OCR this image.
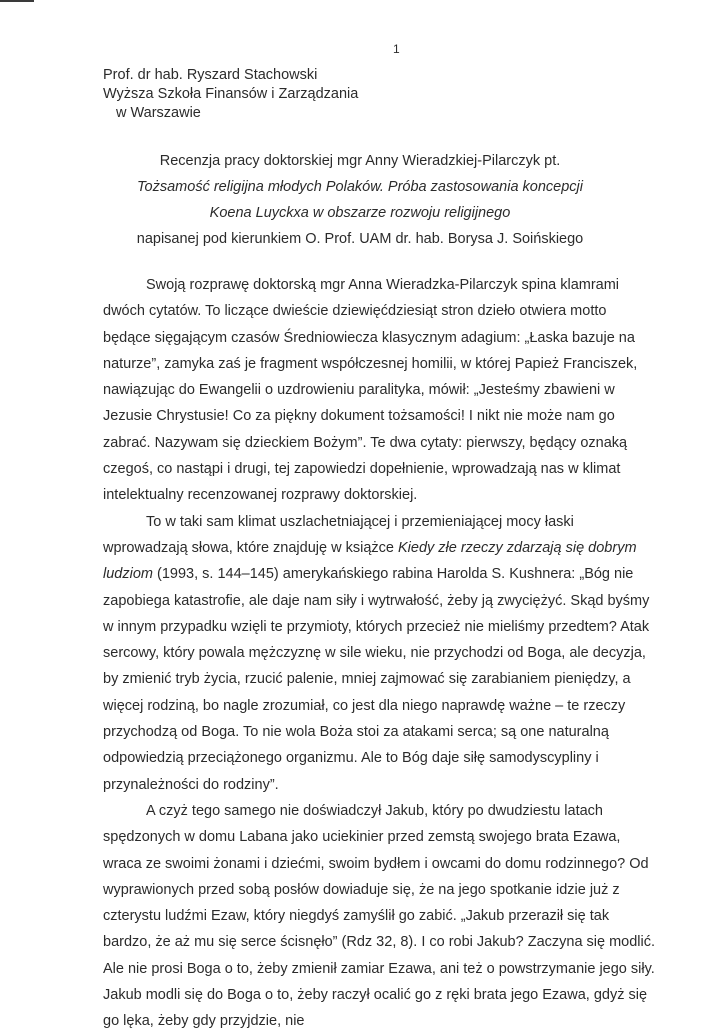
1
Prof. dr hab. Ryszard Stachowski
Wyższa Szkoła Finansów i Zarządzania
w Warszawie
Recenzja pracy doktorskiej mgr Anny Wieradzkiej-Pilarczyk pt.
Tożsamość religijna młodych Polaków. Próba zastosowania koncepcji
Koena Luyckxa w obszarze rozwoju religijnego
napisanej pod kierunkiem O. Prof. UAM dr. hab. Borysa J. Soińskiego

Swoją rozprawę doktorską mgr Anna Wieradzka-Pilarczyk spina klamrami dwóch cytatów. To liczące dwieście dziewięćdziesiąt stron dzieło otwiera motto będące sięgającym czasów Średniowiecza klasycznym adagium: „Łaska bazuje na naturze”, zamyka zaś je fragment współczesnej homilii, w której Papież Franciszek, nawiązując do Ewangelii o uzdrowieniu paralityka, mówił: „Jesteśmy zbawieni w Jezusie Chrystusie! Co za piękny dokument tożsamości! I nikt nie może nam go zabrać. Nazywam się dzieckiem Bożym”. Te dwa cytaty: pierwszy, będący oznaką czegoś, co nastąpi i drugi, tej zapowiedzi dopełnienie, wprowadzają nas w klimat intelektualny recenzowanej rozprawy doktorskiej.

To w taki sam klimat uszlachetniającej i przemieniającej mocy łaski wprowadzają słowa, które znajduję w książce Kiedy złe rzeczy zdarzają się dobrym ludziom (1993, s. 144–145) amerykańskiego rabina Harolda S. Kushnera: „Bóg nie zapobiega katastrofie, ale daje nam siły i wytrwałość, żeby ją zwyciężyć. Skąd byśmy w innym przypadku wzięli te przymioty, których przecież nie mieliśmy przedtem? Atak sercowy, który powala mężczyznę w sile wieku, nie przychodzi od Boga, ale decyzja, by zmienić tryb życia, rzucić palenie, mniej zajmować się zarabianiem pieniędzy, a więcej rodziną, bo nagle zrozumiał, co jest dla niego naprawdę ważne – te rzeczy przychodzą od Boga. To nie wola Boża stoi za atakami serca; są one naturalną odpowiedzią przeciążonego organizmu. Ale to Bóg daje siłę samodyscypliny i przynależności do rodziny”.

A czyż tego samego nie doświadczył Jakub, który po dwudziestu latach spędzonych w domu Labana jako uciekinier przed zemstą swojego brata Ezawa, wraca ze swoimi żonami i dziećmi, swoim bydłem i owcami do domu rodzinnego? Od wyprawionych przed sobą posłów dowiaduje się, że na jego spotkanie idzie już z czterystu ludźmi Ezaw, który niegdyś zamyślił go zabić. „Jakub przeraził się tak bardzo, że aż mu się serce ścisnęło” (Rdz 32, 8). I co robi Jakub? Zaczyna się modlić. Ale nie prosi Boga o to, żeby zmienił zamiar Ezawa, ani też o powstrzymanie jego siły. Jakub modli się do Boga o to, żeby raczył ocalić go z ręki brata jego Ezawa, gdyż się go lęka, żeby gdy przyjdzie, nie
